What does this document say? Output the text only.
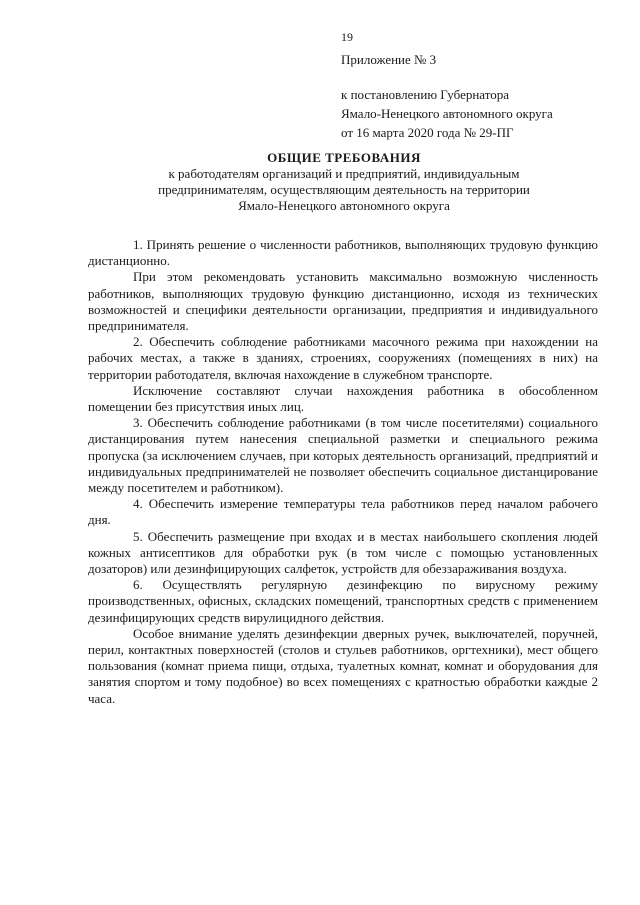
19
Приложение № 3
к постановлению Губернатора
Ямало-Ненецкого автономного округа
от 16 марта 2020 года № 29-ПГ
ОБЩИЕ ТРЕБОВАНИЯ
к работодателям организаций и предприятий, индивидуальным
предпринимателям, осуществляющим деятельность на территории
Ямало-Ненецкого автономного округа

1. Принять решение о численности работников, выполняющих трудовую функцию дистанционно.

При этом рекомендовать установить максимально возможную численность работников, выполняющих трудовую функцию дистанционно, исходя из технических возможностей и специфики деятельности организации, предприятия и индивидуального предпринимателя.

2. Обеспечить соблюдение работниками масочного режима при нахождении на рабочих местах, а также в зданиях, строениях, сооружениях (помещениях в них) на территории работодателя, включая нахождение в служебном транспорте.

Исключение составляют случаи нахождения работника в обособленном помещении без присутствия иных лиц.

3. Обеспечить соблюдение работниками (в том числе посетителями) социального дистанцирования путем нанесения специальной разметки и специального режима пропуска (за исключением случаев, при которых деятельность организаций, предприятий и индивидуальных предпринимателей не позволяет обеспечить социальное дистанцирование между посетителем и работником).

4. Обеспечить измерение температуры тела работников перед началом рабочего дня.

5. Обеспечить размещение при входах и в местах наибольшего скопления людей кожных антисептиков для обработки рук (в том числе с помощью установленных дозаторов) или дезинфицирующих салфеток, устройств для обеззараживания воздуха.

6. Осуществлять регулярную дезинфекцию по вирусному режиму производственных, офисных, складских помещений, транспортных средств с применением дезинфицирующих средств вирулицидного действия.

Особое внимание уделять дезинфекции дверных ручек, выключателей, поручней, перил, контактных поверхностей (столов и стульев работников, оргтехники), мест общего пользования (комнат приема пищи, отдыха, туалетных комнат, комнат и оборудования для занятия спортом и тому подобное) во всех помещениях с кратностью обработки каждые 2 часа.
